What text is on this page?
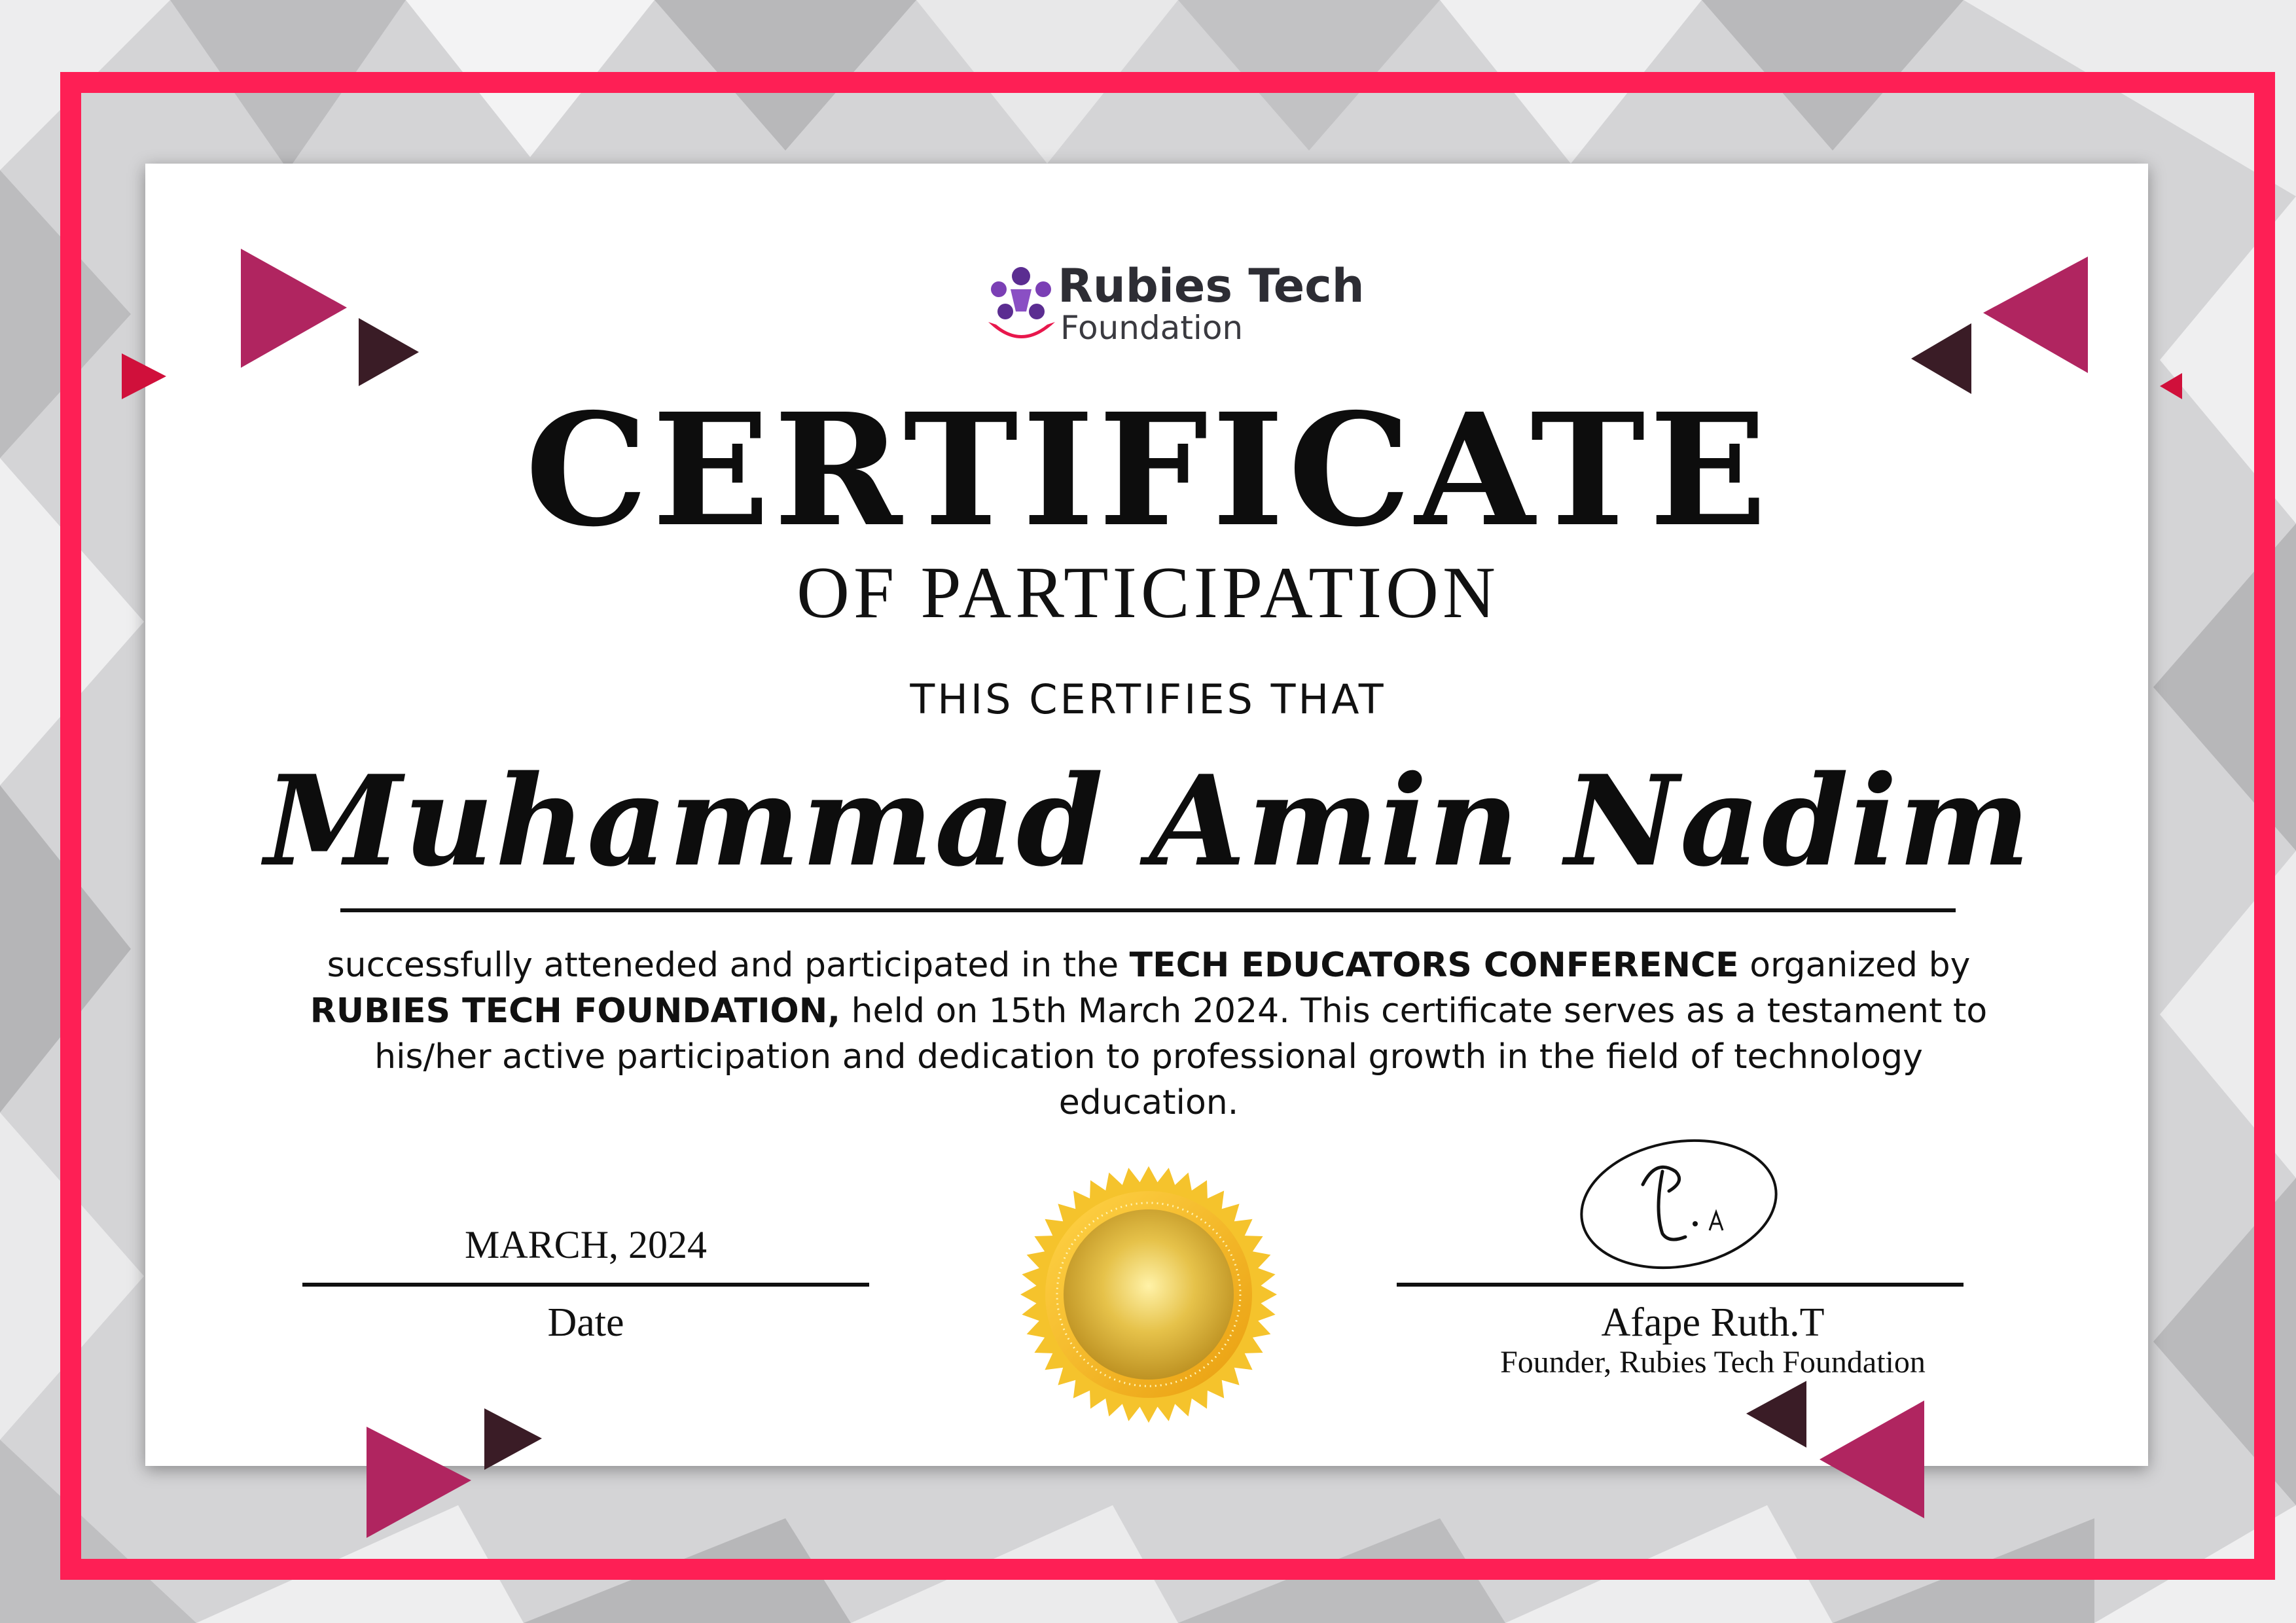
Rubies Tech
Foundation
CERTIFICATE
OF PARTICIPATION
THIS CERTIFIES THAT
Muhammad Amin Nadim
successfully atteneded and participated in the TECH EDUCATORS CONFERENCE organized by RUBIES TECH FOUNDATION, held on 15th March 2024. This certificate serves as a testament to his/her active participation and dedication to professional growth in the field of technology education.
MARCH, 2024
Date	Afape Ruth.T
Founder, Rubies Tech Foundation
